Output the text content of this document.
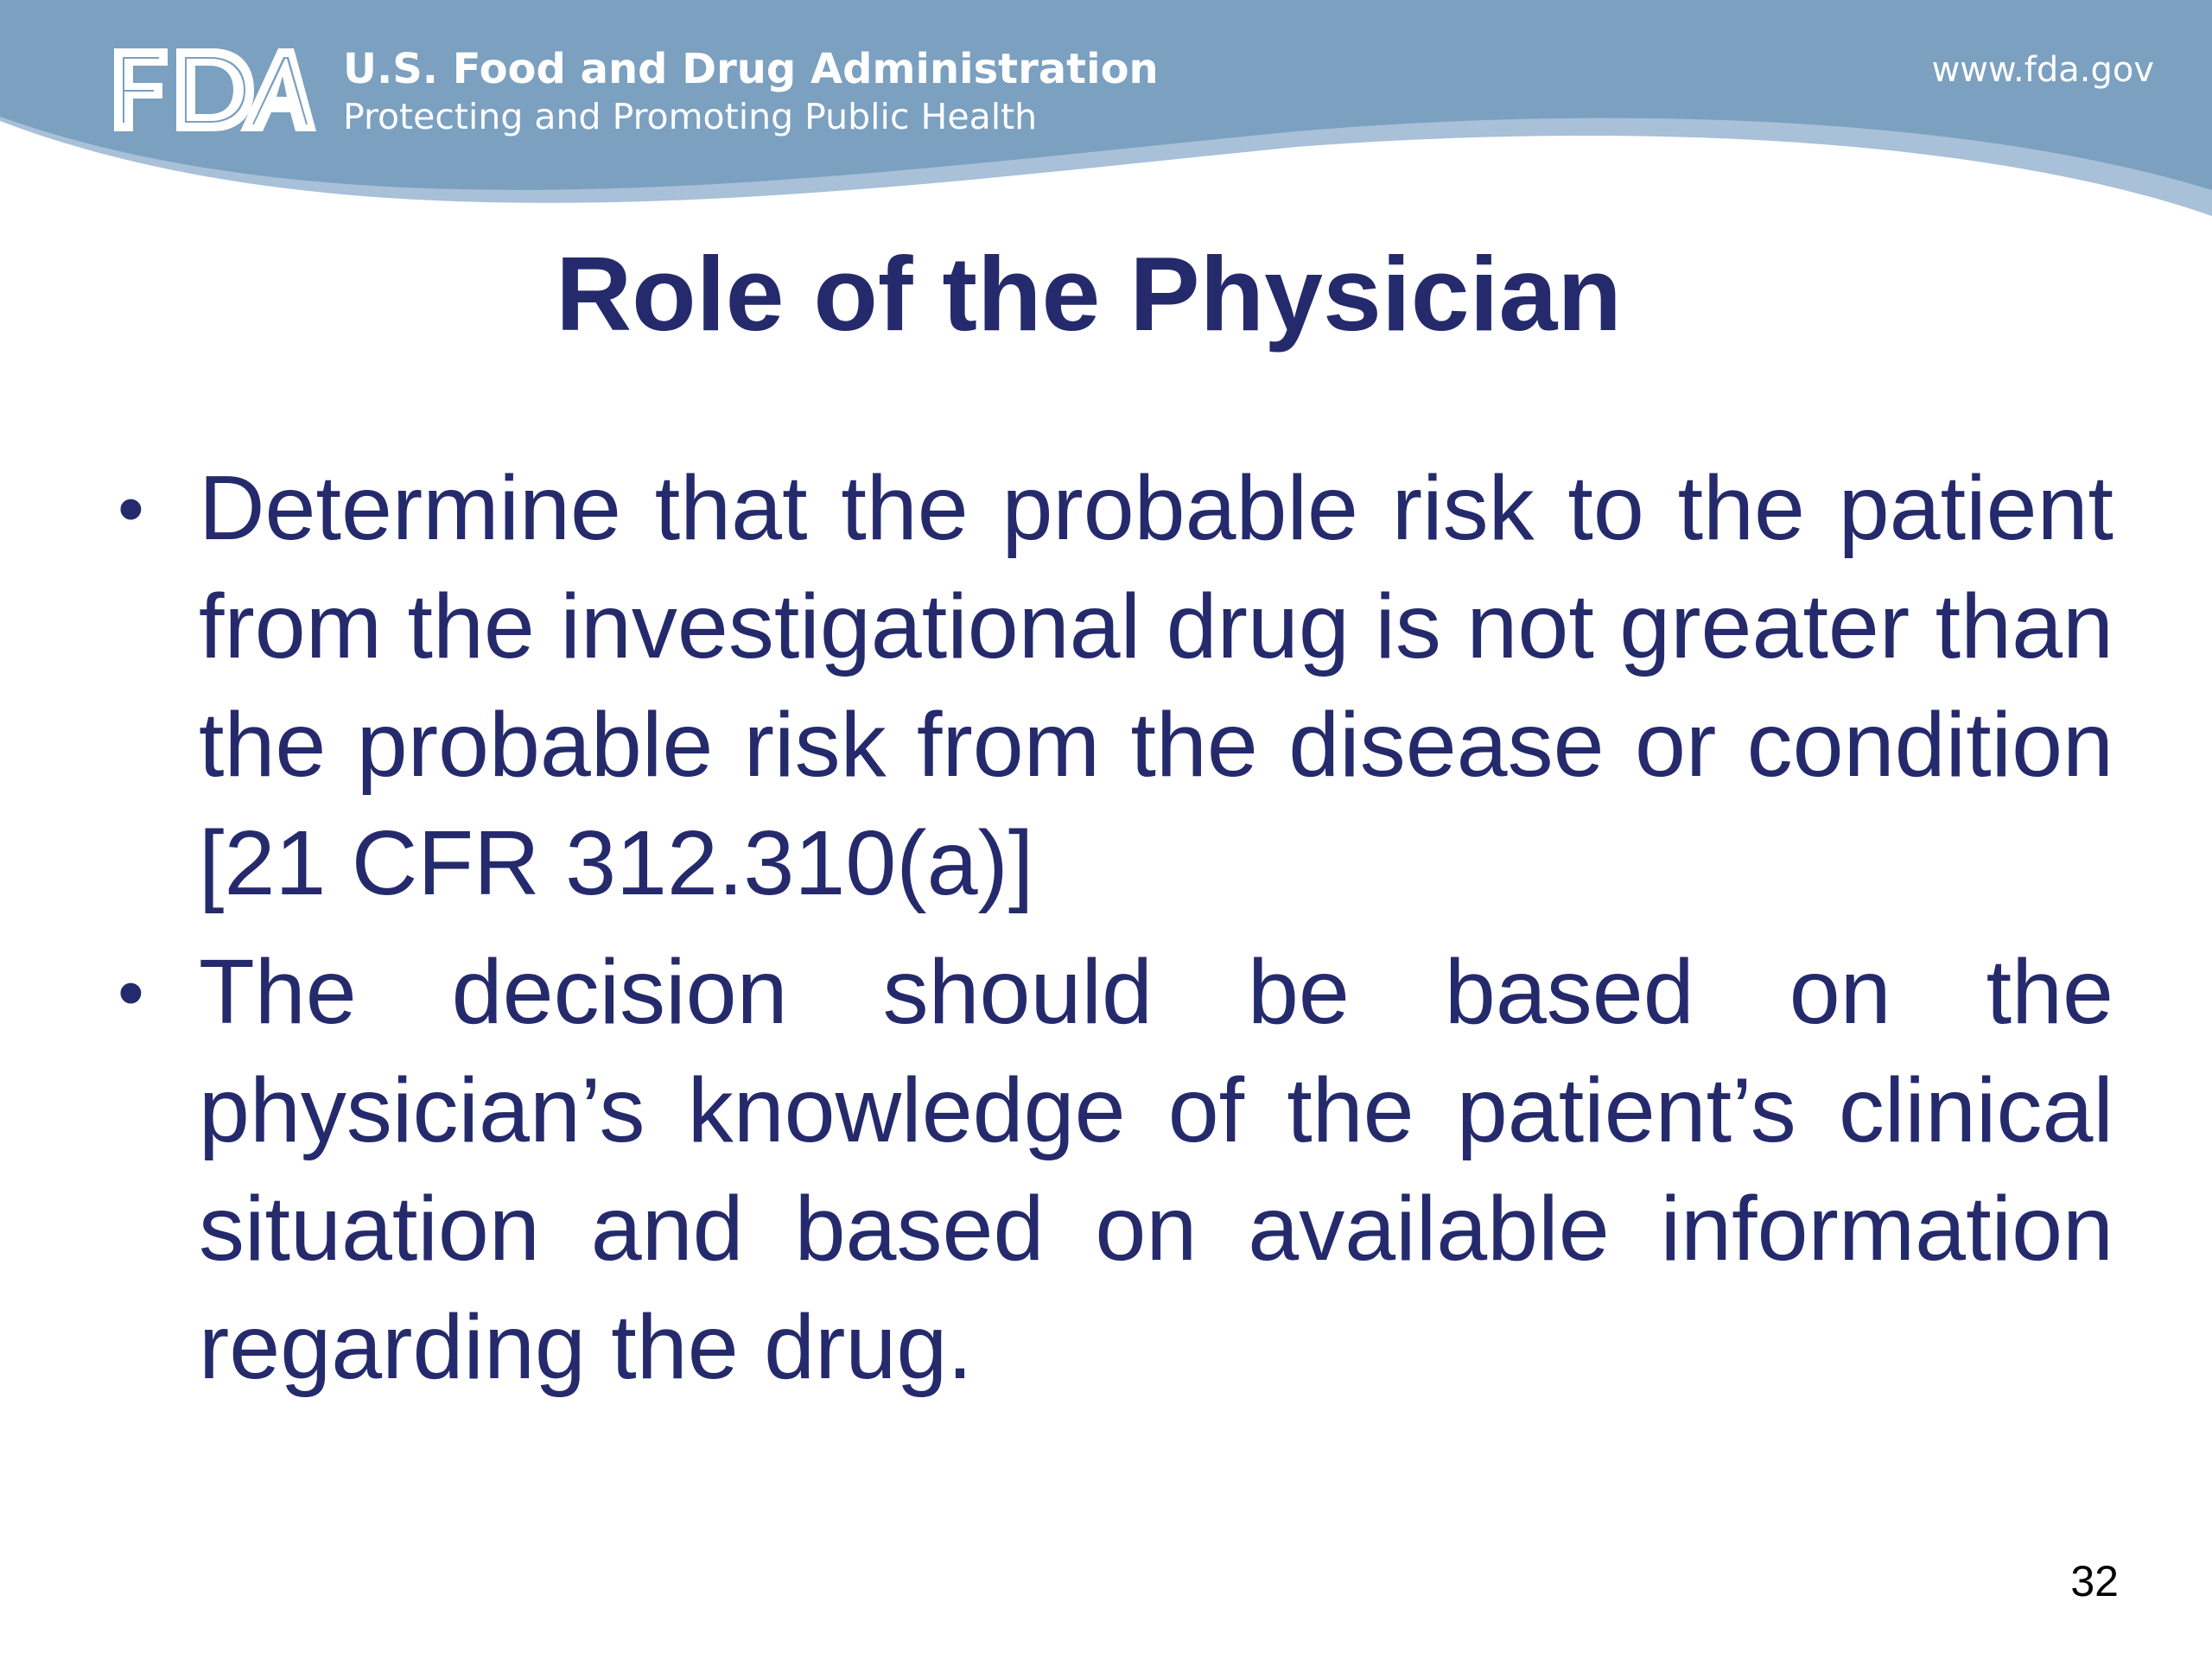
FDA	U.S. Food and Drug Administration
Protecting and Promoting Public Health
www.fda.gov
Role of the Physician
• Determine that the probable risk to the patient from the investigational drug is not greater than the probable risk from the disease or condition [21 CFR 312.310(a)]
• The decision should be based on the physician’s knowledge of the patient’s clinical situation and based on available information regarding the drug.
32
